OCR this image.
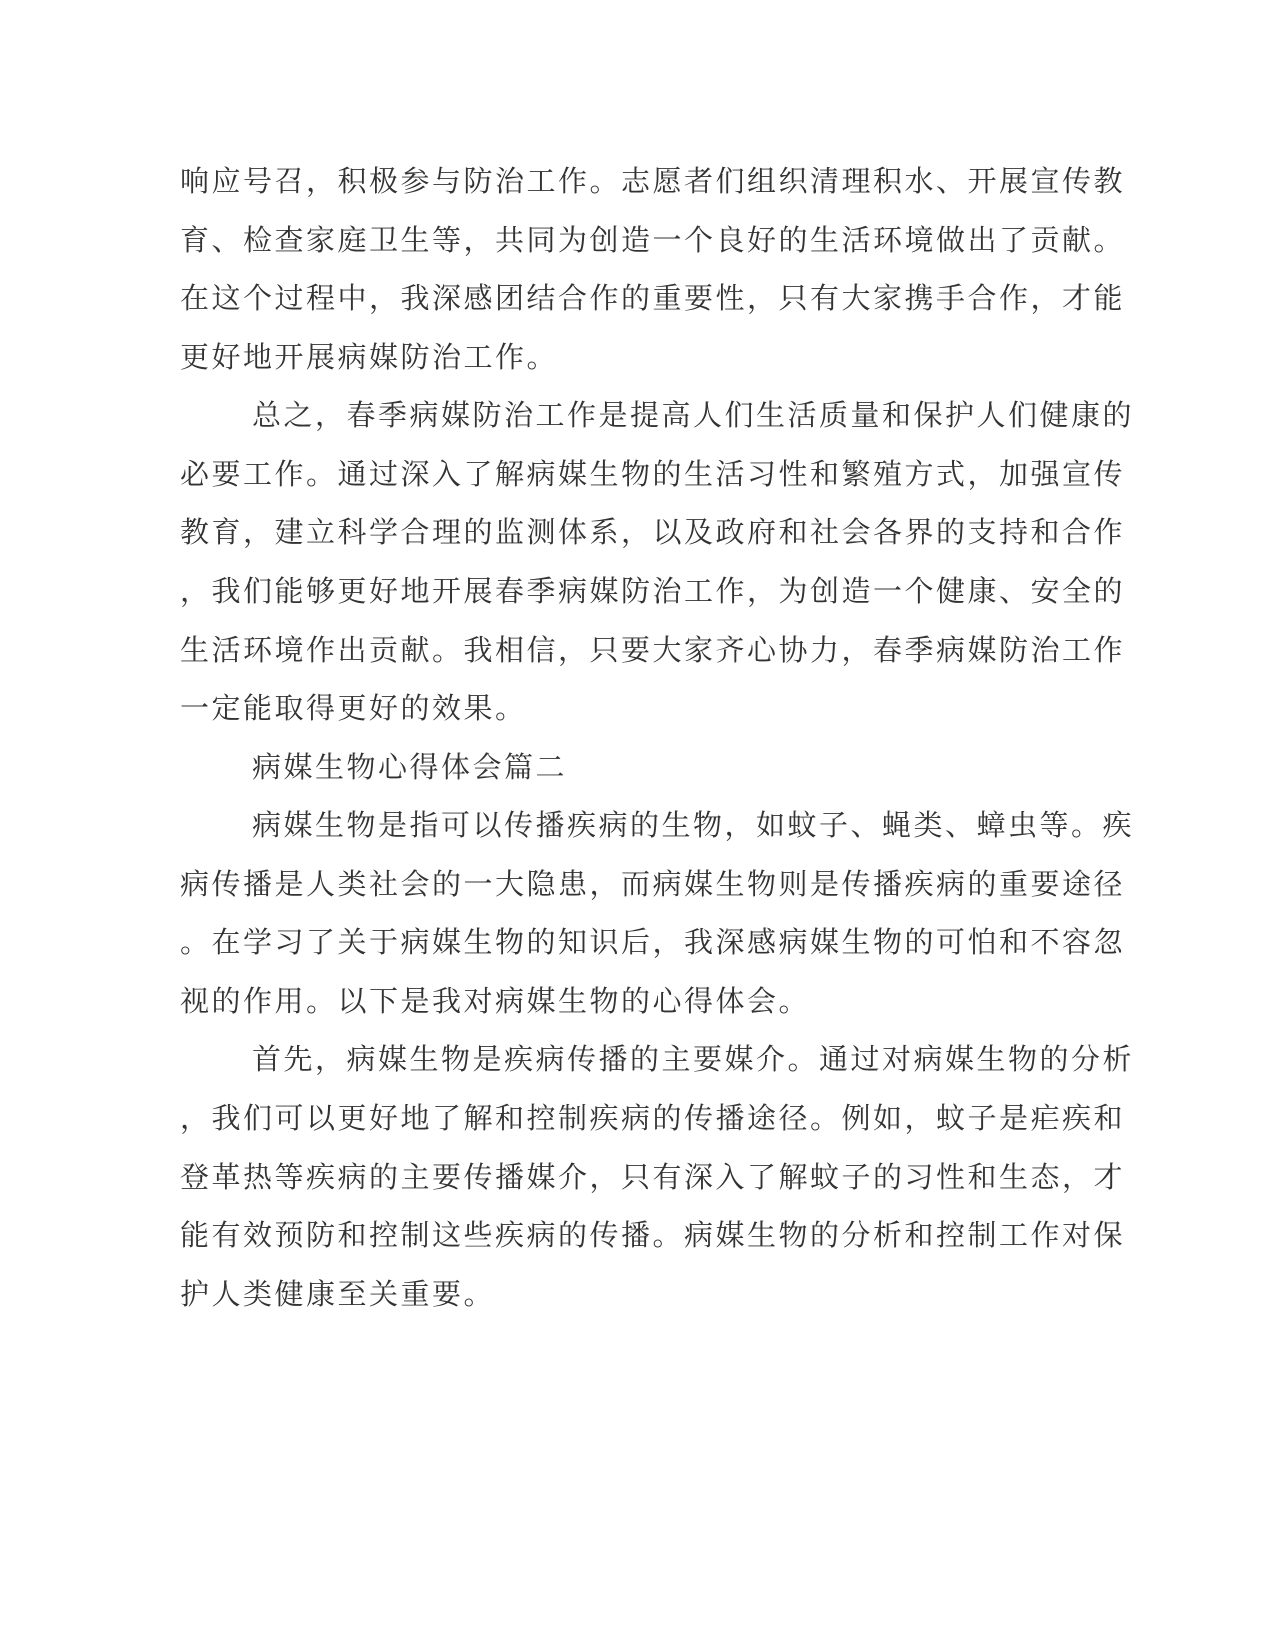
响应号召，积极参与防治工作。志愿者们组织清理积水、开展宣传教

育、检查家庭卫生等，共同为创造一个良好的生活环境做出了贡献。

在这个过程中，我深感团结合作的重要性，只有大家携手合作，才能

更好地开展病媒防治工作。

总之，春季病媒防治工作是提高人们生活质量和保护人们健康的

必要工作。通过深入了解病媒生物的生活习性和繁殖方式，加强宣传

教育，建立科学合理的监测体系，以及政府和社会各界的支持和合作

，我们能够更好地开展春季病媒防治工作，为创造一个健康、安全的

生活环境作出贡献。我相信，只要大家齐心协力，春季病媒防治工作

一定能取得更好的效果。

病媒生物心得体会篇二

病媒生物是指可以传播疾病的生物，如蚊子、蝇类、蟑虫等。疾

病传播是人类社会的一大隐患，而病媒生物则是传播疾病的重要途径

。在学习了关于病媒生物的知识后，我深感病媒生物的可怕和不容忽

视的作用。以下是我对病媒生物的心得体会。

首先，病媒生物是疾病传播的主要媒介。通过对病媒生物的分析

，我们可以更好地了解和控制疾病的传播途径。例如，蚊子是疟疾和

登革热等疾病的主要传播媒介，只有深入了解蚊子的习性和生态，才

能有效预防和控制这些疾病的传播。病媒生物的分析和控制工作对保

护人类健康至关重要。
